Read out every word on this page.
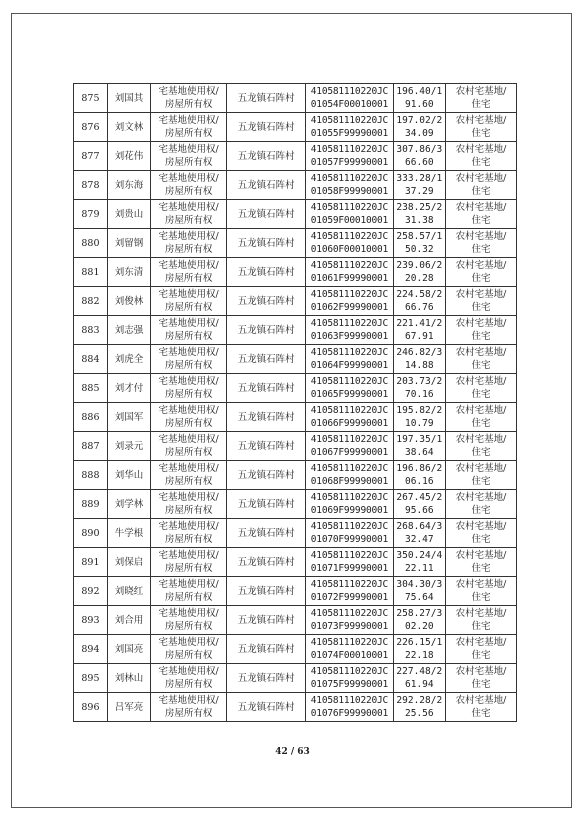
875	刘国其	宅基地使用权/
房屋所有权	五龙镇石阵村	410581110220JC
01054F00010001	196.40/1
91.60	农村宅基地/
住宅

876	刘文林	宅基地使用权/
房屋所有权	五龙镇石阵村	410581110220JC
01055F99990001	197.02/2
34.09	农村宅基地/
住宅

877	刘花伟	宅基地使用权/
房屋所有权	五龙镇石阵村	410581110220JC
01057F99990001	307.86/3
66.60	农村宅基地/
住宅

878	刘东海	宅基地使用权/
房屋所有权	五龙镇石阵村	410581110220JC
01058F99990001	333.28/1
37.29	农村宅基地/
住宅

879	刘贵山	宅基地使用权/
房屋所有权	五龙镇石阵村	410581110220JC
01059F00010001	238.25/2
31.38	农村宅基地/
住宅

880	刘留钢	宅基地使用权/
房屋所有权	五龙镇石阵村	410581110220JC
01060F00010001	258.57/1
50.32	农村宅基地/
住宅

881	刘东清	宅基地使用权/
房屋所有权	五龙镇石阵村	410581110220JC
01061F99990001	239.06/2
20.28	农村宅基地/
住宅

882	刘俊林	宅基地使用权/
房屋所有权	五龙镇石阵村	410581110220JC
01062F99990001	224.58/2
66.76	农村宅基地/
住宅

883	刘志强	宅基地使用权/
房屋所有权	五龙镇石阵村	410581110220JC
01063F99990001	221.41/2
67.91	农村宅基地/
住宅

884	刘虎全	宅基地使用权/
房屋所有权	五龙镇石阵村	410581110220JC
01064F99990001	246.82/3
14.88	农村宅基地/
住宅

885	刘才付	宅基地使用权/
房屋所有权	五龙镇石阵村	410581110220JC
01065F99990001	203.73/2
70.16	农村宅基地/
住宅

886	刘国军	宅基地使用权/
房屋所有权	五龙镇石阵村	410581110220JC
01066F99990001	195.82/2
10.79	农村宅基地/
住宅

887	刘录元	宅基地使用权/
房屋所有权	五龙镇石阵村	410581110220JC
01067F99990001	197.35/1
38.64	农村宅基地/
住宅

888	刘华山	宅基地使用权/
房屋所有权	五龙镇石阵村	410581110220JC
01068F99990001	196.86/2
06.16	农村宅基地/
住宅

889	刘学林	宅基地使用权/
房屋所有权	五龙镇石阵村	410581110220JC
01069F99990001	267.45/2
95.66	农村宅基地/
住宅

890	牛学根	宅基地使用权/
房屋所有权	五龙镇石阵村	410581110220JC
01070F99990001	268.64/3
32.47	农村宅基地/
住宅

891	刘保启	宅基地使用权/
房屋所有权	五龙镇石阵村	410581110220JC
01071F99990001	350.24/4
22.11	农村宅基地/
住宅

892	刘晓红	宅基地使用权/
房屋所有权	五龙镇石阵村	410581110220JC
01072F99990001	304.30/3
75.64	农村宅基地/
住宅

893	刘合用	宅基地使用权/
房屋所有权	五龙镇石阵村	410581110220JC
01073F99990001	258.27/3
02.20	农村宅基地/
住宅

894	刘国亮	宅基地使用权/
房屋所有权	五龙镇石阵村	410581110220JC
01074F00010001	226.15/1
22.18	农村宅基地/
住宅

895	刘林山	宅基地使用权/
房屋所有权	五龙镇石阵村	410581110220JC
01075F99990001	227.48/2
61.94	农村宅基地/
住宅

896	吕军亮	宅基地使用权/
房屋所有权	五龙镇石阵村	410581110220JC
01076F99990001	292.28/2
25.56	农村宅基地/
住宅
42 / 63
